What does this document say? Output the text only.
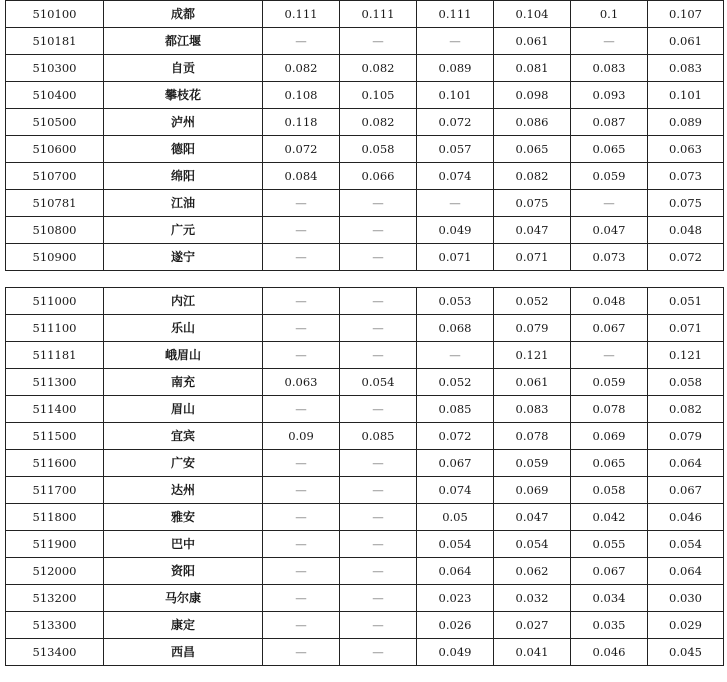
510100	成都	0.111	0.111	0.111	0.104	0.1	0.107
510181	都江堰	—	—	—	0.061	—	0.061
510300	自贡	0.082	0.082	0.089	0.081	0.083	0.083
510400	攀枝花	0.108	0.105	0.101	0.098	0.093	0.101
510500	泸州	0.118	0.082	0.072	0.086	0.087	0.089
510600	德阳	0.072	0.058	0.057	0.065	0.065	0.063
510700	绵阳	0.084	0.066	0.074	0.082	0.059	0.073
510781	江油	—	—	—	0.075	—	0.075
510800	广元	—	—	0.049	0.047	0.047	0.048
510900	遂宁	—	—	0.071	0.071	0.073	0.072
511000	内江	—	—	0.053	0.052	0.048	0.051
511100	乐山	—	—	0.068	0.079	0.067	0.071
511181	峨眉山	—	—	—	0.121	—	0.121
511300	南充	0.063	0.054	0.052	0.061	0.059	0.058
511400	眉山	—	—	0.085	0.083	0.078	0.082
511500	宜宾	0.09	0.085	0.072	0.078	0.069	0.079
511600	广安	—	—	0.067	0.059	0.065	0.064
511700	达州	—	—	0.074	0.069	0.058	0.067
511800	雅安	—	—	0.05	0.047	0.042	0.046
511900	巴中	—	—	0.054	0.054	0.055	0.054
512000	资阳	—	—	0.064	0.062	0.067	0.064
513200	马尔康	—	—	0.023	0.032	0.034	0.030
513300	康定	—	—	0.026	0.027	0.035	0.029
513400	西昌	—	—	0.049	0.041	0.046	0.045
